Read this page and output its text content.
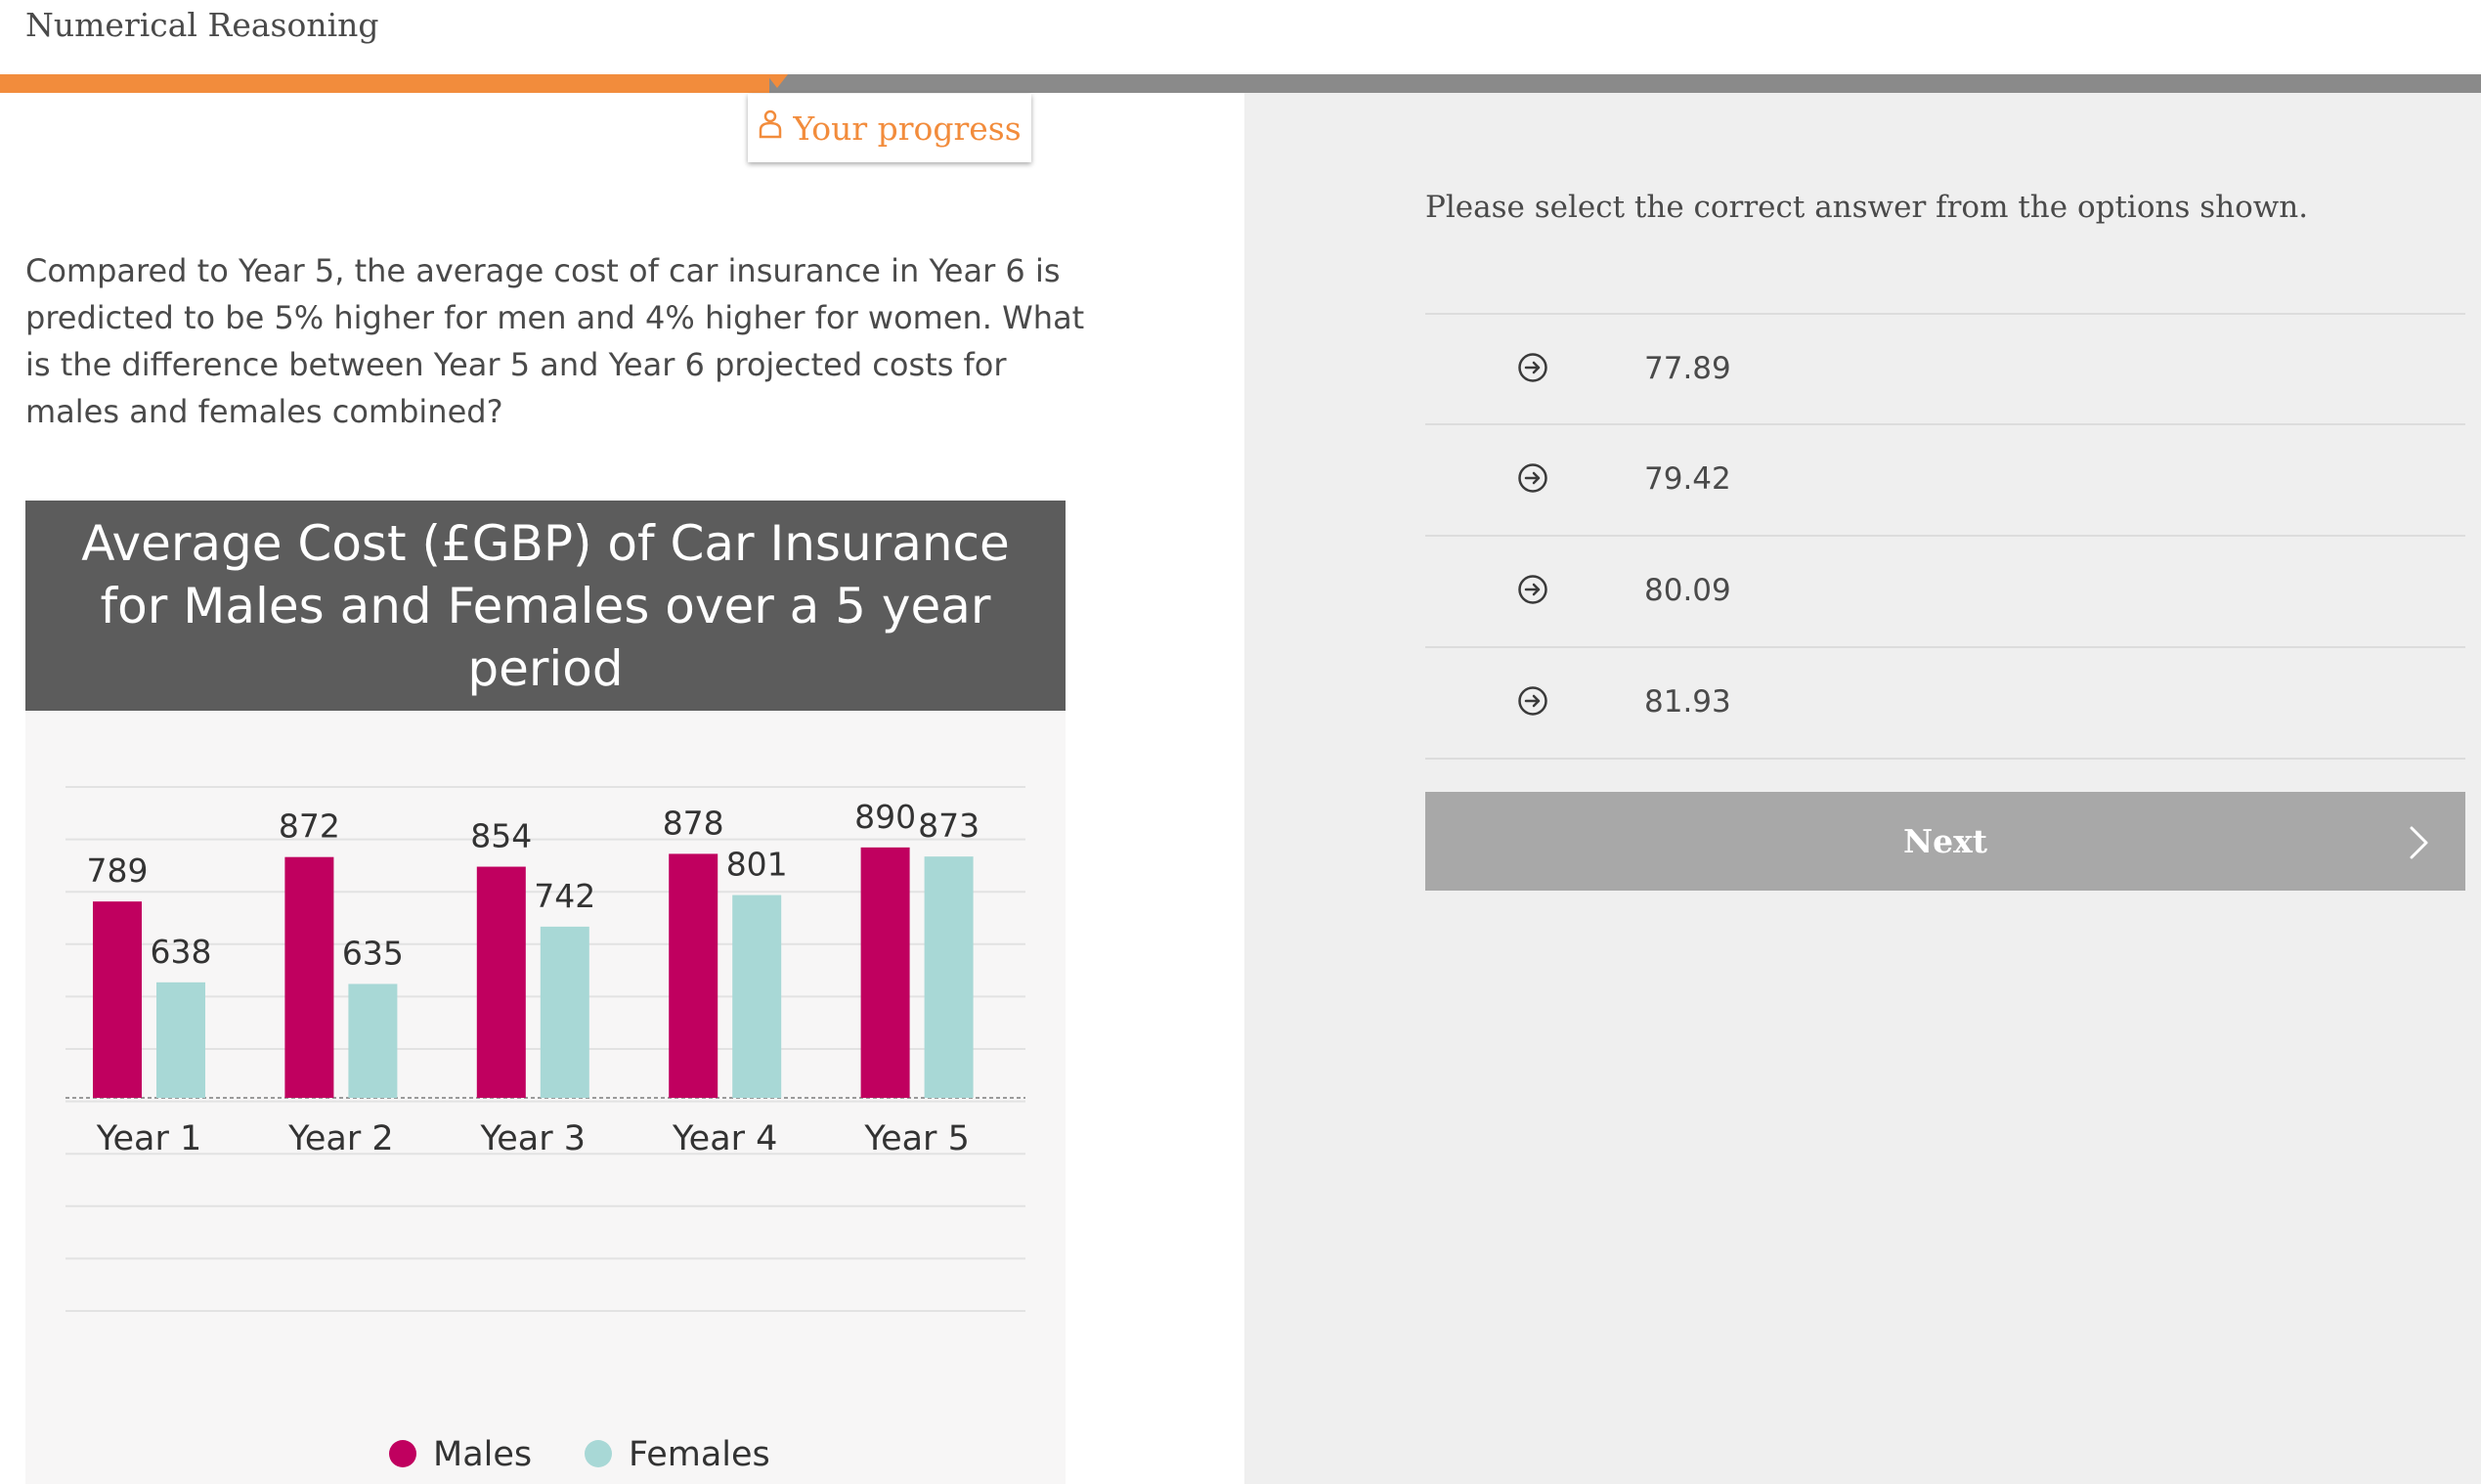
Numerical Reasoning
Your progress
Compared to Year 5, the average cost of car insurance in Year 6 is predicted to be 5% higher for men and 4% higher for women. What is the difference between Year 5 and Year 6 projected costs for males and females combined?
Average Cost (£GBP) of Car Insurance for Males and Females over a 5 year period
789
638
Year 1
872
635
Year 2
854
742
Year 3
878
801
Year 4
890 873
Year 5
Males	Females
Please select the correct answer from the options shown.
77.89
79.42
80.09
81.93
Next
